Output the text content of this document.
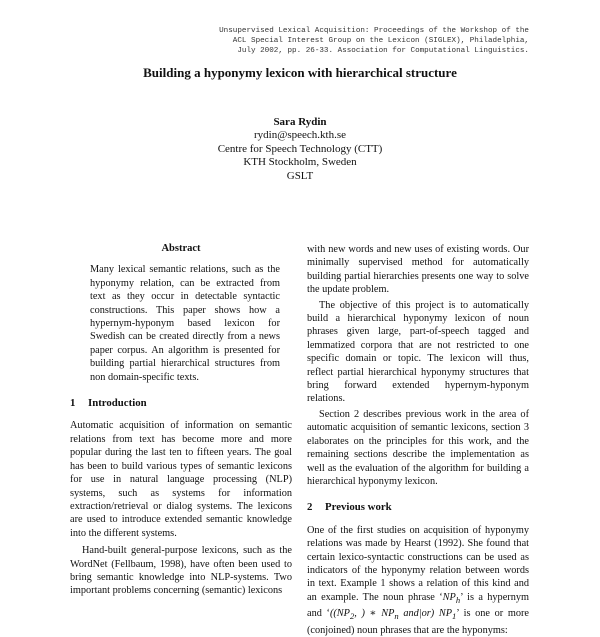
Unsupervised Lexical Acquisition: Proceedings of the Workshop of the
ACL Special Interest Group on the Lexicon (SIGLEX), Philadelphia,
July 2002, pp. 26-33. Association for Computational Linguistics.
Building a hyponymy lexicon with hierarchical structure
Sara Rydin
rydin@speech.kth.se
Centre for Speech Technology (CTT)
KTH Stockholm, Sweden
GSLT
Abstract

Many lexical semantic relations, such as the hyponymy relation, can be extracted from text as they occur in detectable syntactic constructions. This paper shows how a hypernym-hyponym based lexicon for Swedish can be created directly from a news paper corpus. An algorithm is presented for building partial hierarchical structures from non domain-specific texts.

1 Introduction

Automatic acquisition of information on semantic relations from text has become more and more popular during the last ten to fifteen years. The goal has been to build various types of semantic lexicons for use in natural language processing (NLP) systems, such as systems for information extraction/retrieval or dialog systems. The lexicons are used to introduce extended semantic knowledge into the different systems.

Hand-built general-purpose lexicons, such as the WordNet (Fellbaum, 1998), have often been used to bring semantic knowledge into NLP-systems. Two important problems concerning (semantic) lexicons

with new words and new uses of existing words. Our minimally supervised method for automatically building partial hierarchies presents one way to solve the update problem.

The objective of this project is to automatically build a hierarchical hyponymy lexicon of noun phrases given large, part-of-speech tagged and lemmatized corpora that are not restricted to one specific domain or topic. The lexicon will thus, reflect partial hierarchical hyponymy structures that bring forward extended hypernym-hyponym relations.

Section 2 describes previous work in the area of automatic acquisition of semantic lexicons, section 3 elaborates on the principles for this work, and the remaining sections describe the implementation as well as the evaluation of the algorithm for building a hierarchical hyponymy lexicon.

2 Previous work

One of the first studies on acquisition of hyponymy relations was made by Hearst (1992). She found that certain lexico-syntactic constructions can be used as indicators of the hyponymy relation between words in text. Example 1 shows a relation of this kind and an example. The noun phrase ‘$NP_h$’ is a hypernym and ‘(($NP_2$, ) ∗ $NP_n$ and|or) $NP_1$’ is one or more (conjoined) noun phrases that are the hyponyms:
